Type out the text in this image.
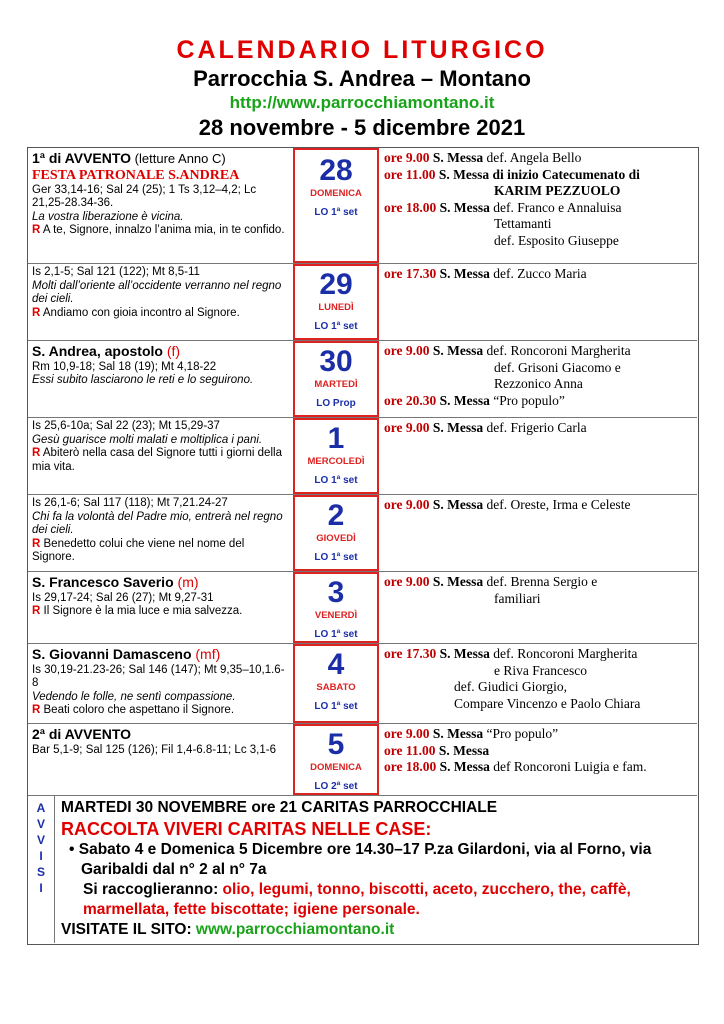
CALENDARIO LITURGICO
Parrocchia S. Andrea – Montano
http://www.parrocchiamontano.it
28 novembre - 5 dicembre 2021
1ª di AVVENTO (letture Anno C)
FESTA PATRONALE S.ANDREA
Ger 33,14-16; Sal 24 (25); 1 Ts 3,12–4,2; Lc 21,25-28.34-36.
La vostra liberazione è vicina.
R A te, Signore, innalzo l’anima mia, in te confido.
28
DOMENICA
LO 1ª set
ore 9.00 S. Messa def. Angela Bello
ore 11.00 S. Messa di inizio Catecumenato di
KARIM PEZZUOLO
ore 18.00 S. Messa def. Franco e Annaluisa
Tettamanti
def. Esposito Giuseppe
Is 2,1-5; Sal 121 (122); Mt 8,5-11
Molti dall’oriente all’occidente verranno nel regno dei cieli.
R Andiamo con gioia incontro al Signore.
29
LUNEDÌ
LO 1ª set
ore 17.30 S. Messa def. Zucco Maria
S. Andrea, apostolo (f)
Rm 10,9-18; Sal 18 (19); Mt 4,18-22
Essi subito lasciarono le reti e lo seguirono.
30
MARTEDÌ
LO Prop
ore 9.00 S. Messa def. Roncoroni Margherita
def. Grisoni Giacomo e
Rezzonico Anna
ore 20.30 S. Messa “Pro populo”
Is 25,6-10a; Sal 22 (23); Mt 15,29-37
Gesù guarisce molti malati e moltiplica i pani.
R Abiterò nella casa del Signore tutti i giorni della mia vita.
1
MERCOLEDÌ
LO 1ª set
ore 9.00 S. Messa def. Frigerio Carla
Is 26,1-6; Sal 117 (118); Mt 7,21.24-27
Chi fa la volontà del Padre mio, entrerà nel regno dei cieli.
R Benedetto colui che viene nel nome del Signore.
2
GIOVEDÌ
LO 1ª set
ore 9.00 S. Messa def. Oreste, Irma e Celeste
S. Francesco Saverio (m)
Is 29,17-24; Sal 26 (27); Mt 9,27-31
R Il Signore è la mia luce e mia salvezza.
3
VENERDÌ
LO 1ª set
ore 9.00 S. Messa def. Brenna Sergio e
familiari
S. Giovanni Damasceno (mf)
Is 30,19-21.23-26; Sal 146 (147); Mt 9,35–10,1.6-8
Vedendo le folle, ne sentì compassione.
R Beati coloro che aspettano il Signore.
4
SABATO
LO 1ª set
ore 17.30 S. Messa def. Roncoroni Margherita
e Riva Francesco
def. Giudici Giorgio,
Compare Vincenzo e Paolo Chiara
2ª di AVVENTO
Bar 5,1-9; Sal 125 (126); Fil 1,4-6.8-11; Lc 3,1-6	5
DOMENICA
LO 2ª set
ore 9.00 S. Messa “Pro populo”
ore 11.00 S. Messa
ore 18.00 S. Messa def Roncoroni Luigia e fam.
A
V
V
I
S
I
MARTEDI 30 NOVEMBRE ore 21 CARITAS PARROCCHIALE
RACCOLTA VIVERI CARITAS NELLE CASE:
• Sabato 4 e Domenica 5 Dicembre ore 14.30–17 P.za Gilardoni, via al Forno, via Garibaldi dal n° 2 al n° 7a
Si raccoglieranno: olio, legumi, tonno, biscotti, aceto, zucchero, the, caffè, marmellata, fette biscottate; igiene personale.
VISITATE IL SITO: www.parrocchiamontano.it
